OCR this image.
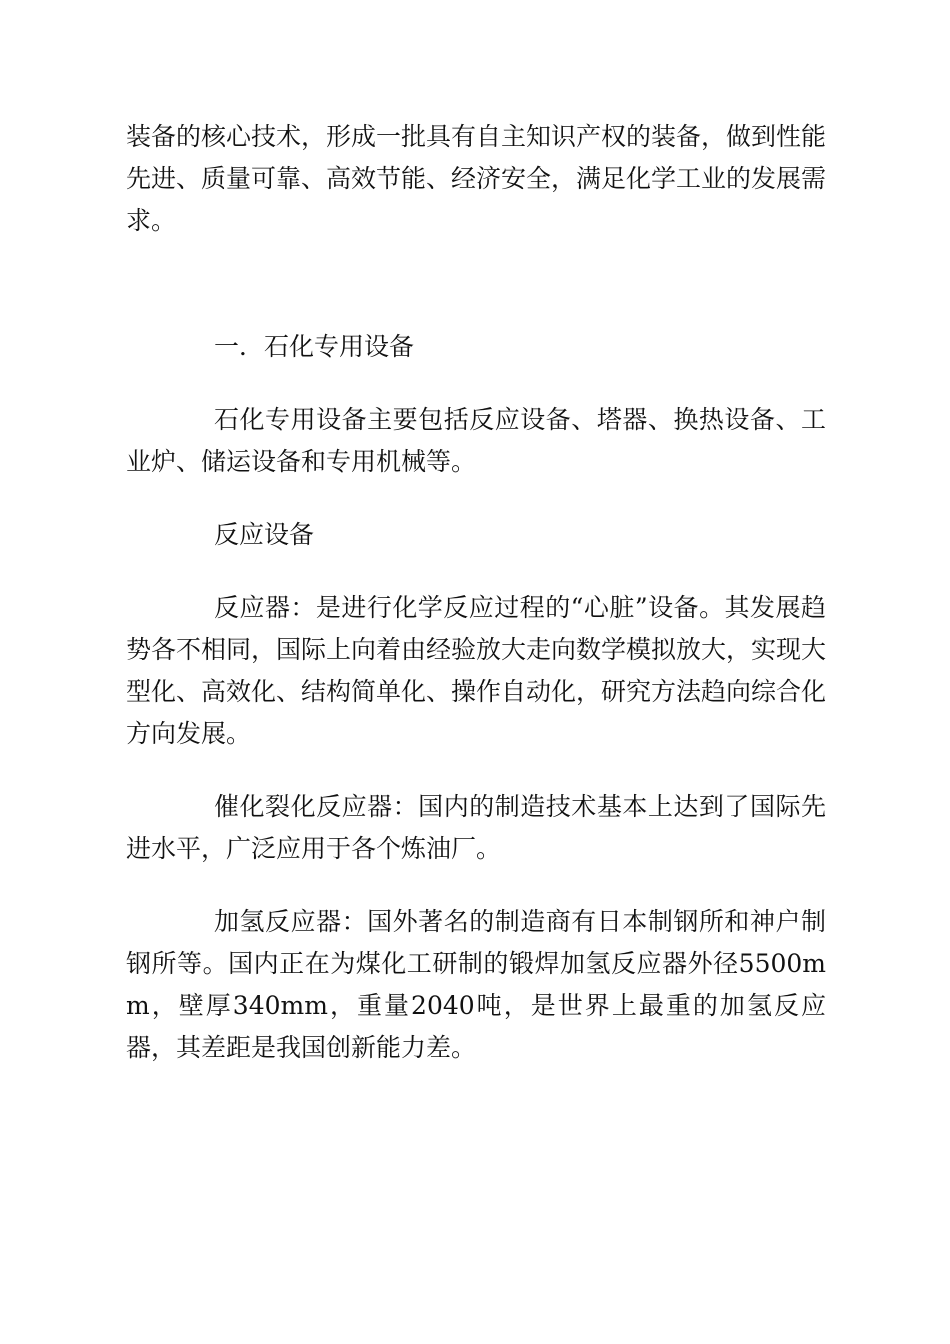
装备的核心技术，形成一批具有自主知识产权的装备，做到性能先进、质量可靠、高效节能、经济安全，满足化学工业的发展需求。

一．石化专用设备

石化专用设备主要包括反应设备、塔器、换热设备、工业炉、储运设备和专用机械等。

反应设备

反应器：是进行化学反应过程的“心脏”设备。其发展趋势各不相同，国际上向着由经验放大走向数学模拟放大，实现大型化、高效化、结构简单化、操作自动化，研究方法趋向综合化方向发展。

催化裂化反应器：国内的制造技术基本上达到了国际先进水平，广泛应用于各个炼油厂。

加氢反应器：国外著名的制造商有日本制钢所和神户制钢所等。国内正在为煤化工研制的锻焊加氢反应器外径5500mm，壁厚340mm，重量2040吨，是世界上最重的加氢反应器，其差距是我国创新能力差。
